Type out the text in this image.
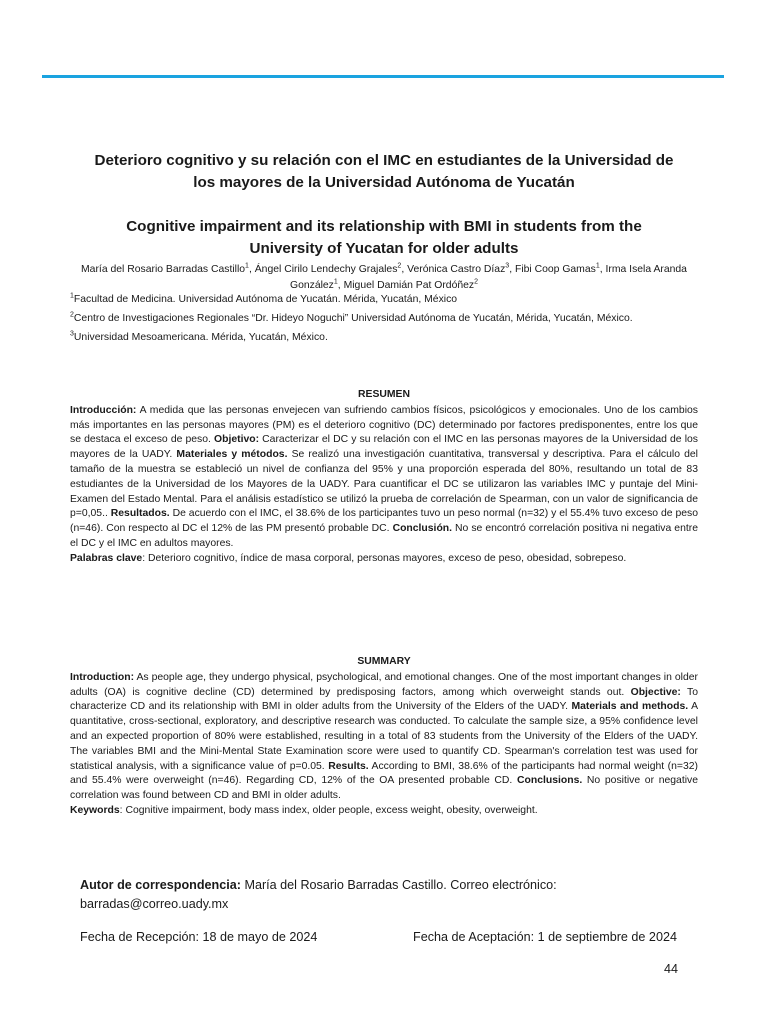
Deterioro cognitivo y su relación con el IMC en estudiantes de la Universidad de
los mayores de la Universidad Autónoma de Yucatán
Cognitive impairment and its relationship with BMI in students from the
University of Yucatan for older adults
María del Rosario Barradas Castillo$^1$, Ángel Cirilo Lendechy Grajales$^2$, Verónica Castro Díaz$^3$, Fibi Coop Gamas$^1$, Irma Isela Aranda González$^1$, Miguel Damián Pat Ordóñez$^2$

$^1$Facultad de Medicina. Universidad Autónoma de Yucatán. Mérida, Yucatán, México

$^2$Centro de Investigaciones Regionales “Dr. Hideyo Noguchi” Universidad Autónoma de Yucatán, Mérida, Yucatán, México.

$^3$Universidad Mesoamericana. Mérida, Yucatán, México.

RESUMEN

Introducción: A medida que las personas envejecen van sufriendo cambios físicos, psicológicos y emocionales. Uno de los cambios más importantes en las personas mayores (PM) es el deterioro cognitivo (DC) determinado por factores predisponentes, entre los que se destaca el exceso de peso. Objetivo: Caracterizar el DC y su relación con el IMC en las personas mayores de la Universidad de los mayores de la UADY. Materiales y métodos. Se realizó una investigación cuantitativa, transversal y descriptiva. Para el cálculo del tamaño de la muestra se estableció un nivel de confianza del 95% y una proporción esperada del 80%, resultando un total de 83 estudiantes de la Universidad de los Mayores de la UADY. Para cuantificar el DC se utilizaron las variables IMC y puntaje del Mini-Examen del Estado Mental. Para el análisis estadístico se utilizó la prueba de correlación de Spearman, con un valor de significancia de p=0,05.. Resultados. De acuerdo con el IMC, el 38.6% de los participantes tuvo un peso normal (n=32) y el 55.4% tuvo exceso de peso (n=46). Con respecto al DC el 12% de las PM presentó probable DC. Conclusión. No se encontró correlación positiva ni negativa entre el DC y el IMC en adultos mayores.

Palabras clave: Deterioro cognitivo, índice de masa corporal, personas mayores, exceso de peso, obesidad, sobrepeso.

SUMMARY

Introduction: As people age, they undergo physical, psychological, and emotional changes. One of the most important changes in older adults (OA) is cognitive decline (CD) determined by predisposing factors, among which overweight stands out. Objective: To characterize CD and its relationship with BMI in older adults from the University of the Elders of the UADY. Materials and methods. A quantitative, cross-sectional, exploratory, and descriptive research was conducted. To calculate the sample size, a 95% confidence level and an expected proportion of 80% were established, resulting in a total of 83 students from the University of the Elders of the UADY. The variables BMI and the Mini-Mental State Examination score were used to quantify CD. Spearman's correlation test was used for statistical analysis, with a significance value of p=0.05. Results. According to BMI, 38.6% of the participants had normal weight (n=32) and 55.4% were overweight (n=46). Regarding CD, 12% of the OA presented probable CD. Conclusions. No positive or negative correlation was found between CD and BMI in older adults.

Keywords: Cognitive impairment, body mass index, older people, excess weight, obesity, overweight.

Autor de correspondencia: María del Rosario Barradas Castillo. Correo electrónico:
barradas@correo.uady.mx
Fecha de Recepción: 18 de mayo de 2024	Fecha de Aceptación: 1 de septiembre de 2024
44
